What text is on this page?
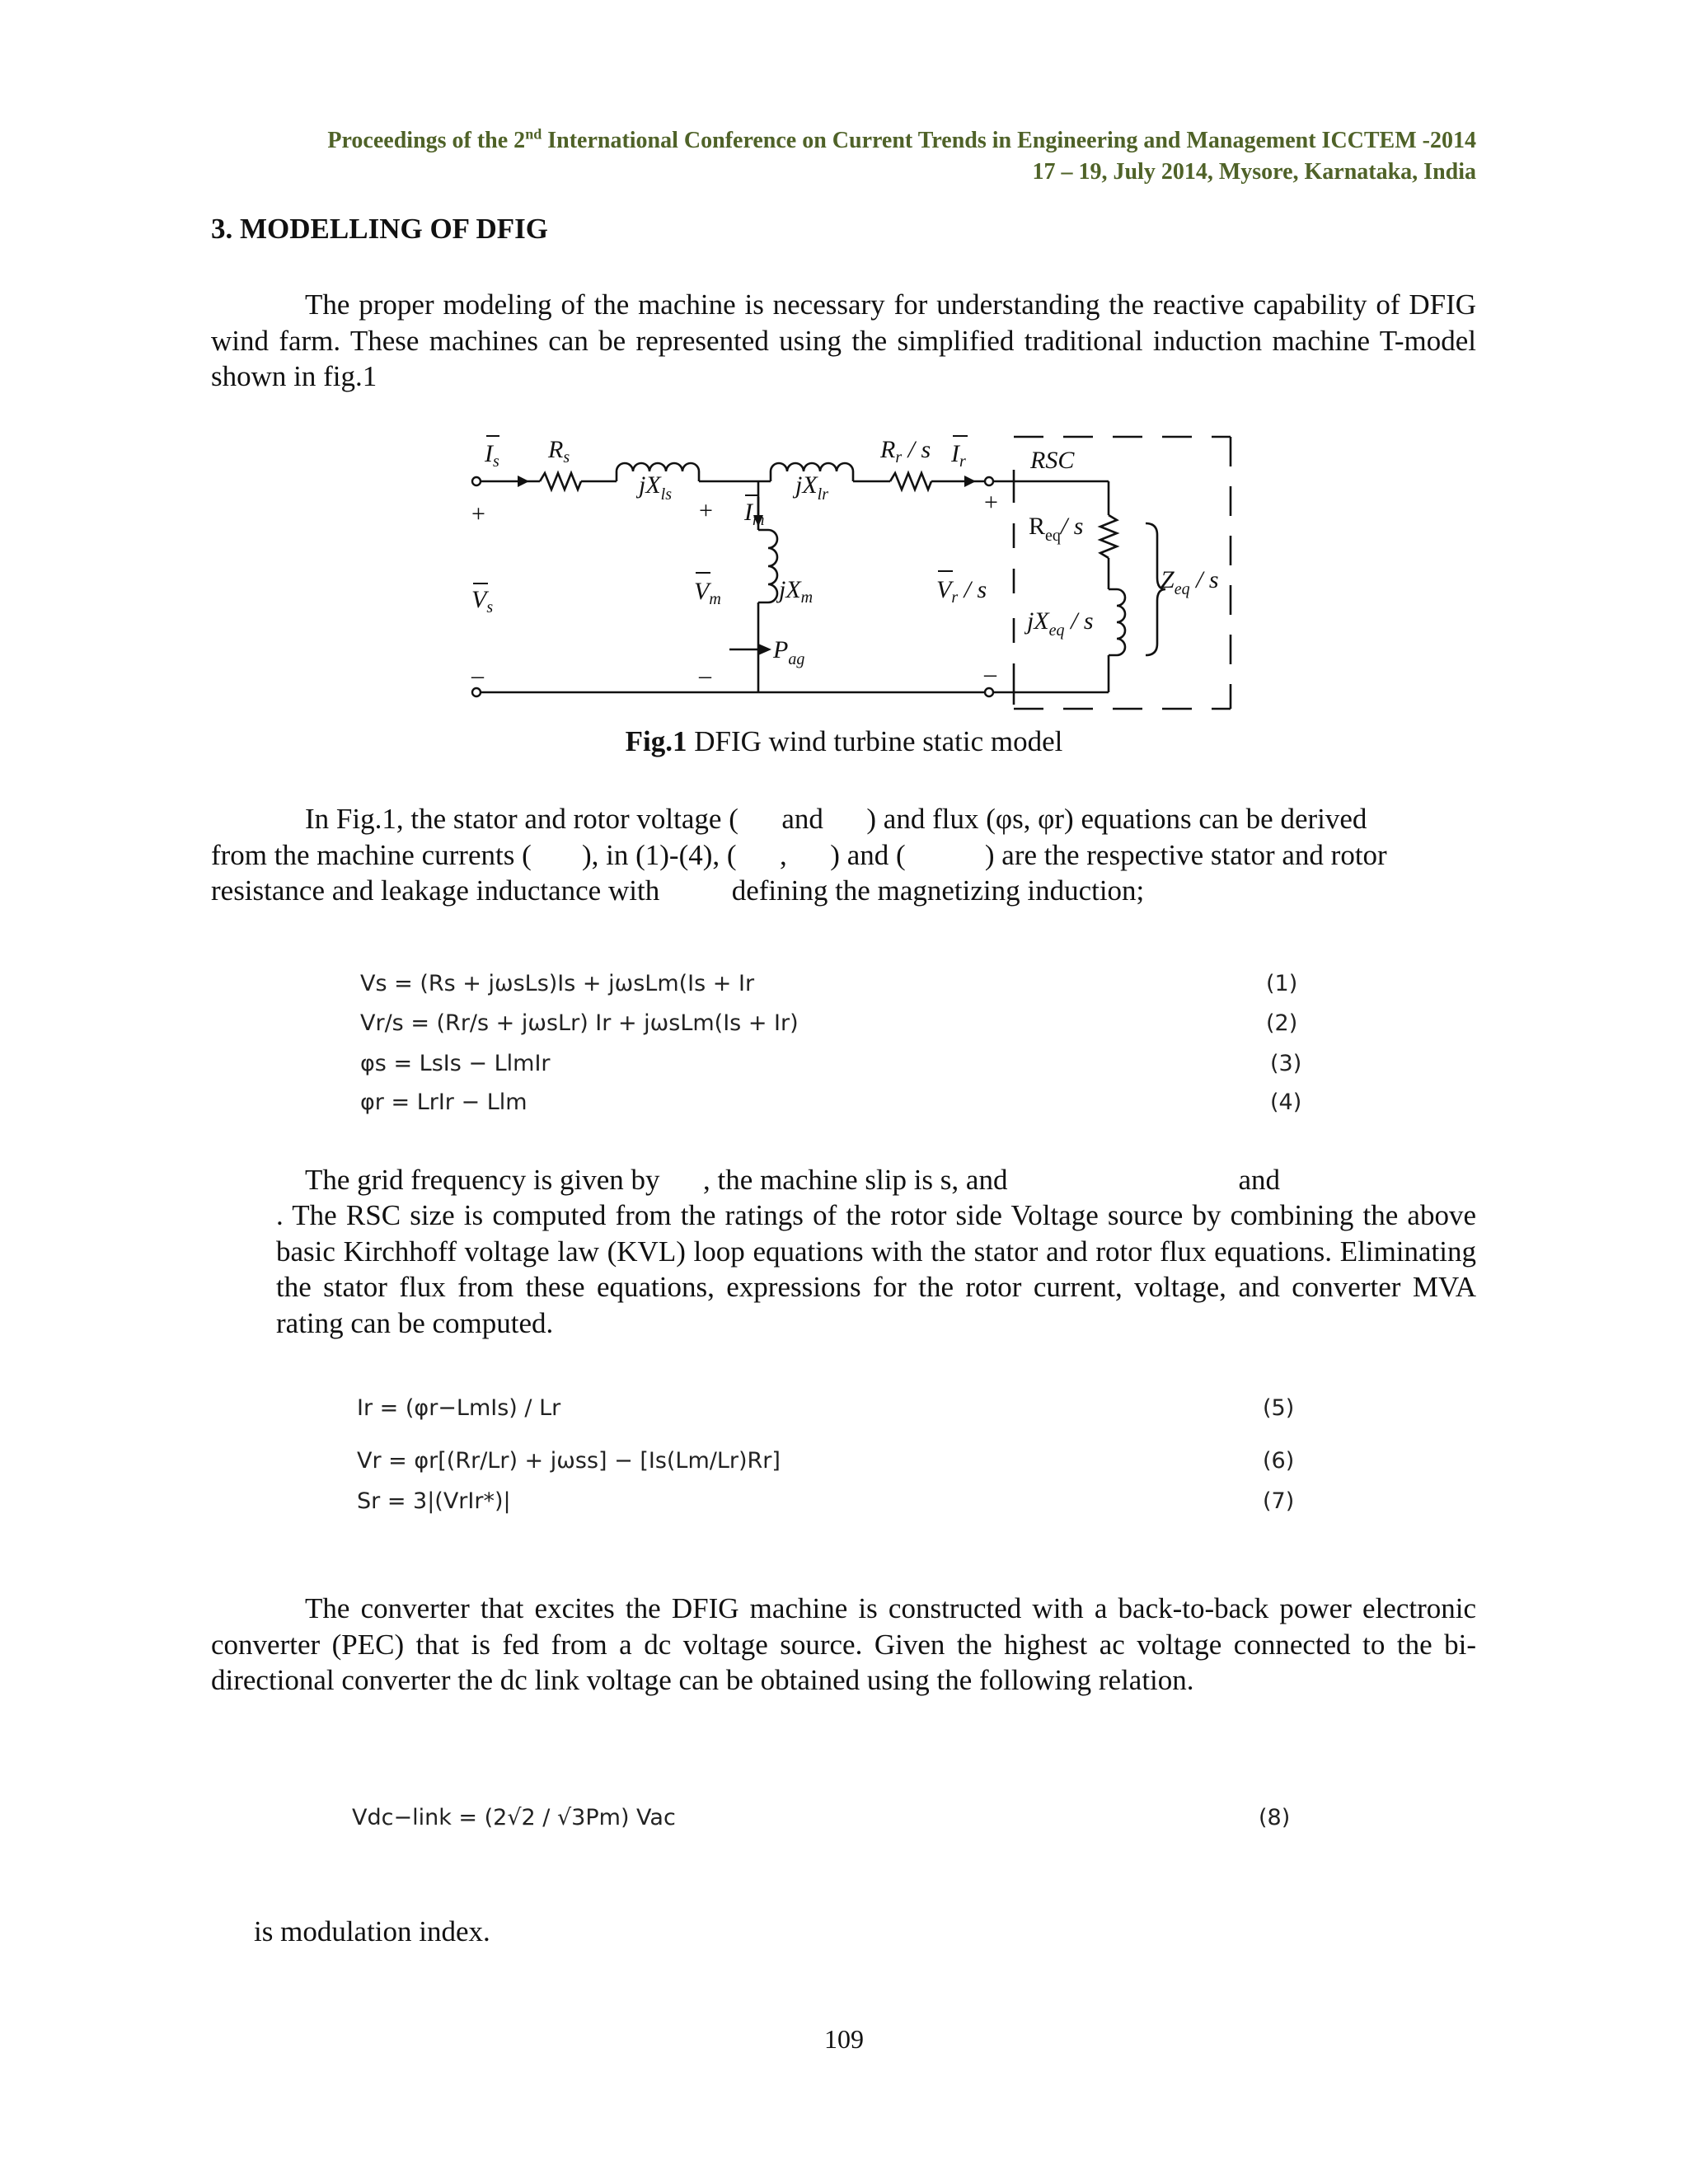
Proceedings of the 2nd International Conference on Current Trends in Engineering and Management ICCTEM -2014
17 – 19, July 2014, Mysore, Karnataka, India
3. MODELLING OF DFIG
The proper modeling of the machine is necessary for understanding the reactive capability of DFIG wind farm. These machines can be represented using the simplified traditional induction machine T-model shown in fig.1
$I_s$ $R_s$
$jX_{ls}$	$jX_{lr}$
$R_r$ / s $I_r$	RSC
+
–
+
–
+
–
$V_s$
$I_m$
$V_m$ $jX_m$	$V_r$ / s
$R_{eq}/$ s
$jX_{eq}$ / s
$Z_{eq}$ / s
$P_{ag}$
Fig.1 DFIG wind turbine static model
In Fig.1, the stator and rotor voltage (      and      ) and flux (φs, φr) equations can be derived
from the machine currents (       ), in (1)-(4), (      ,      ) and (           ) are the respective stator and rotor
resistance and leakage inductance with          defining the magnetizing induction;
Vs = (Rs + jωsLs)Is + jωsLm(Is + Ir	(1)
Vr/s = (Rr/s + jωsLr) Ir + jωsLm(Is + Ir)	(2)
φs = LsIs − LlmIr	(3)
φr = LrIr − Llm	(4)
The grid frequency is given by      , the machine slip is s, and                                and
. The RSC size is computed from the ratings of the rotor side Voltage source by combining the above basic Kirchhoff voltage law (KVL) loop equations with the stator and rotor flux equations. Eliminating the stator flux from these equations, expressions for the rotor current, voltage, and converter MVA rating can be computed.
Ir = (φr−LmIs) / Lr	(5)
Vr = φr[(Rr/Lr) + jωss] − [Is(Lm/Lr)Rr]	(6)
Sr = 3|(VrIr*)|	(7)
The converter that excites the DFIG machine is constructed with a back-to-back power electronic converter (PEC) that is fed from a dc voltage source. Given the highest ac voltage connected to the bi-directional converter the dc link voltage can be obtained using the following relation.
Vdc−link = (2√2 / √3Pm) Vac	(8)
is modulation index.
109
